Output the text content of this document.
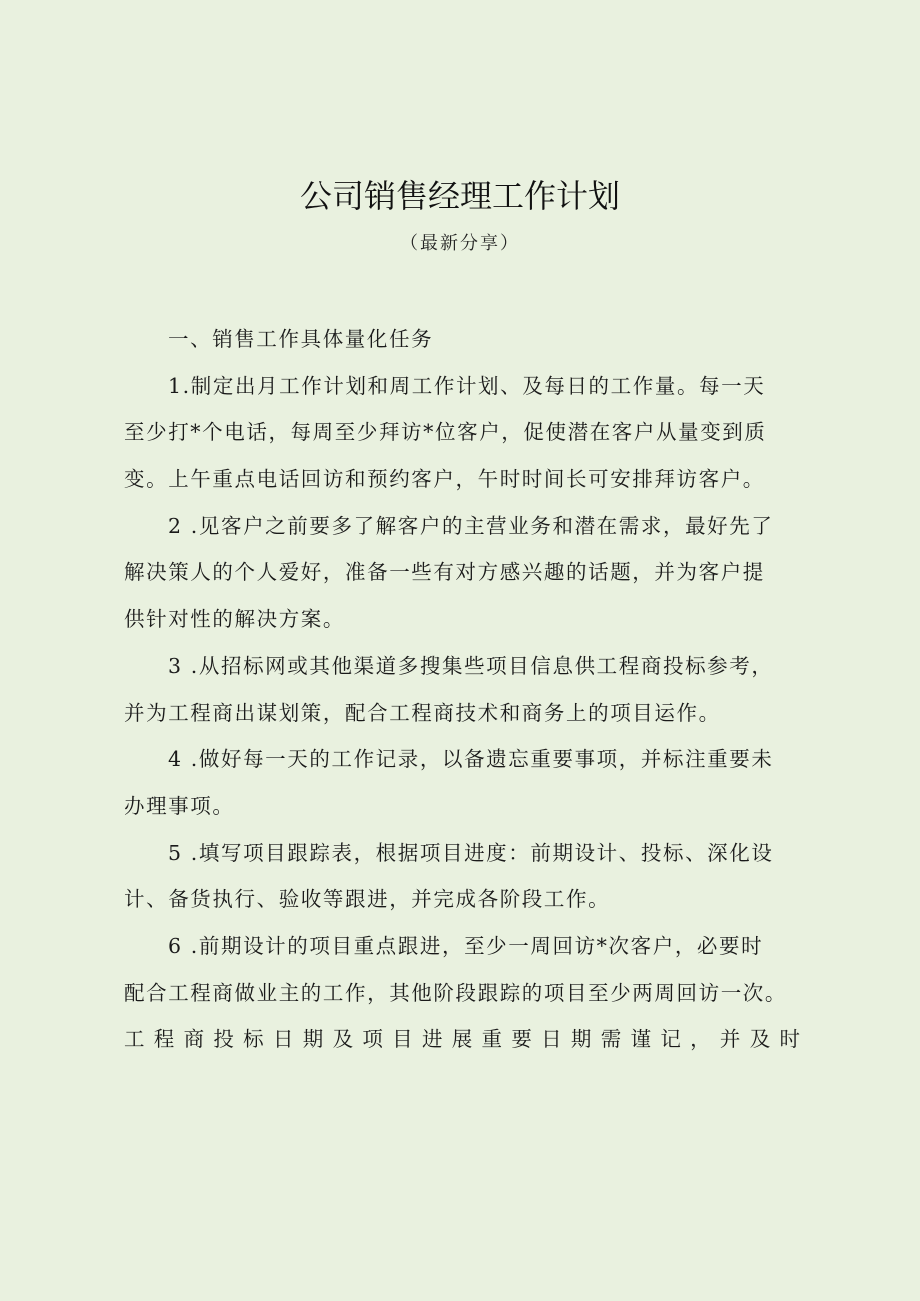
公司销售经理工作计划
（最新分享）
一、销售工作具体量化任务
1.制定出月工作计划和周工作计划、及每日的工作量。每一天
至少打*个电话，每周至少拜访*位客户，促使潜在客户从量变到质
变。上午重点电话回访和预约客户，午时时间长可安排拜访客户。
2 .见客户之前要多了解客户的主营业务和潜在需求，最好先了
解决策人的个人爱好，准备一些有对方感兴趣的话题，并为客户提
供针对性的解决方案。
3 .从招标网或其他渠道多搜集些项目信息供工程商投标参考，
并为工程商出谋划策，配合工程商技术和商务上的项目运作。
4 .做好每一天的工作记录，以备遗忘重要事项，并标注重要未
办理事项。
5 .填写项目跟踪表，根据项目进度：前期设计、投标、深化设
计、备货执行、验收等跟进，并完成各阶段工作。
6 .前期设计的项目重点跟进，至少一周回访*次客户，必要时
配合工程商做业主的工作，其他阶段跟踪的项目至少两周回访一次。
工程商投标日期及项目进展重要日期需谨记，并及时
